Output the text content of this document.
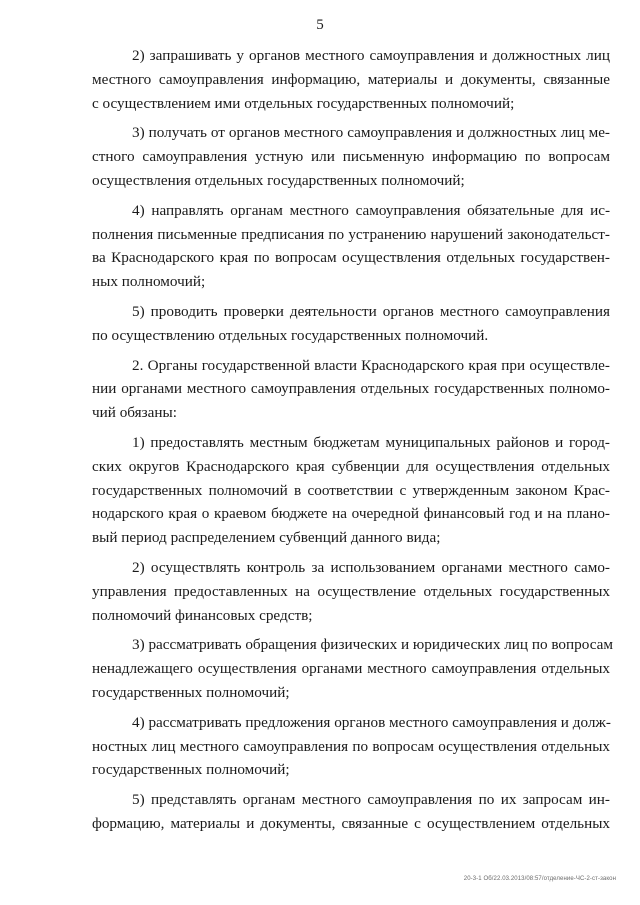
5
2) запрашивать у органов местного самоуправления и должностных лиц
местного самоуправления информацию, материалы и документы, связанные
с осуществлением ими отдельных государственных полномочий;
3) получать от органов местного самоуправления и должностных лиц ме-
стного самоуправления устную или письменную информацию по вопросам
осуществления отдельных государственных полномочий;
4) направлять органам местного самоуправления обязательные для ис-
полнения письменные предписания по устранению нарушений законодательст-
ва Краснодарского края по вопросам осуществления отдельных государствен-
ных полномочий;
5) проводить проверки деятельности органов местного самоуправления
по осуществлению отдельных государственных полномочий.
2. Органы государственной власти Краснодарского края при осуществле-
нии органами местного самоуправления отдельных государственных полномо-
чий обязаны:
1) предоставлять местным бюджетам муниципальных районов и город-
ских округов Краснодарского края субвенции для осуществления отдельных
государственных полномочий в соответствии с утвержденным законом Крас-
нодарского края о краевом бюджете на очередной финансовый год и на плано-
вый период распределением субвенций данного вида;
2) осуществлять контроль за использованием органами местного само-
управления предоставленных на осуществление отдельных государственных
полномочий финансовых средств;
3) рассматривать обращения физических и юридических лиц по вопросам
ненадлежащего осуществления органами местного самоуправления отдельных
государственных полномочий;
4) рассматривать предложения органов местного самоуправления и долж-
ностных лиц местного самоуправления по вопросам осуществления отдельных
государственных полномочий;
5) представлять органам местного самоуправления по их запросам ин-
формацию, материалы и документы, связанные с осуществлением отдельных
20-3-1 Об/22.03.2013/08:57/отделение-ЧС-2-ст-закон
